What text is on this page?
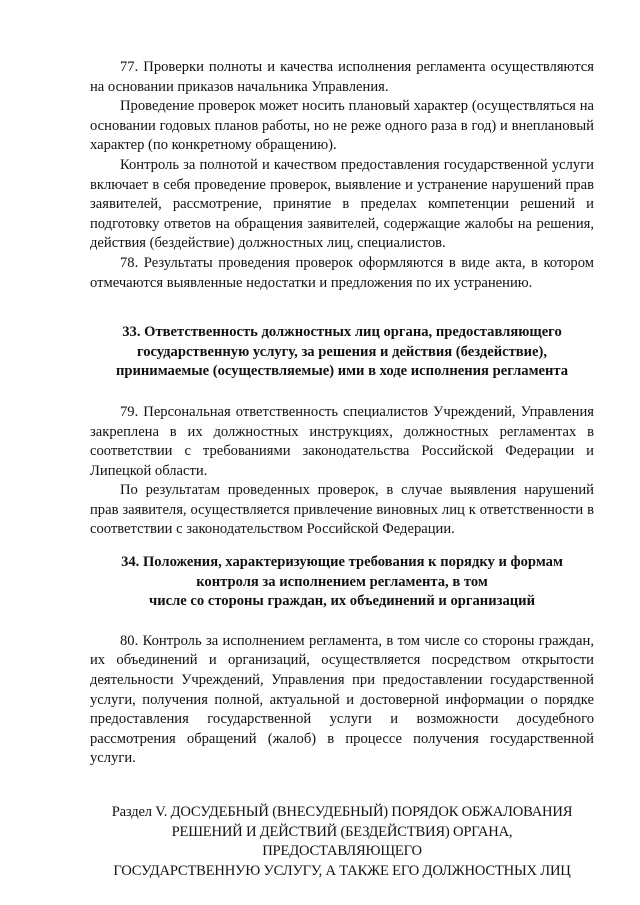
77. Проверки полноты и качества исполнения регламента осуществляются на основании приказов начальника Управления.

Проведение проверок может носить плановый характер (осуществляться на основании годовых планов работы, но не реже одного раза в год) и внеплановый характер (по конкретному обращению).

Контроль за полнотой и качеством предоставления государственной услуги включает в себя проведение проверок, выявление и устранение нарушений прав заявителей, рассмотрение, принятие в пределах компетенции решений и подготовку ответов на обращения заявителей, содержащие жалобы на решения, действия (бездействие) должностных лиц, специалистов.

78. Результаты проведения проверок оформляются в виде акта, в котором отмечаются выявленные недостатки и предложения по их устранению.

33. Ответственность должностных лиц органа, предоставляющего
государственную услугу, за решения и действия (бездействие),
принимаемые (осуществляемые) ими в ходе исполнения регламента

79. Персональная ответственность специалистов Учреждений, Управления закреплена в их должностных инструкциях, должностных регламентах в соответствии с требованиями законодательства Российской Федерации и Липецкой области.

По результатам проведенных проверок, в случае выявления нарушений прав заявителя, осуществляется привлечение виновных лиц к ответственности в соответствии с законодательством Российской Федерации.

34. Положения, характеризующие требования к порядку и формам
контроля за исполнением регламента, в том
числе со стороны граждан, их объединений и организаций

80. Контроль за исполнением регламента, в том числе со стороны граждан, их объединений и организаций, осуществляется посредством открытости деятельности Учреждений, Управления при предоставлении государственной услуги, получения полной, актуальной и достоверной информации о порядке предоставления государственной услуги и возможности досудебного рассмотрения обращений (жалоб) в процессе получения государственной услуги.

Раздел V. ДОСУДЕБНЫЙ (ВНЕСУДЕБНЫЙ) ПОРЯДОК ОБЖАЛОВАНИЯ
РЕШЕНИЙ И ДЕЙСТВИЙ (БЕЗДЕЙСТВИЯ) ОРГАНА,
ПРЕДОСТАВЛЯЮЩЕГО
ГОСУДАРСТВЕННУЮ УСЛУГУ, А ТАКЖЕ ЕГО ДОЛЖНОСТНЫХ ЛИЦ
